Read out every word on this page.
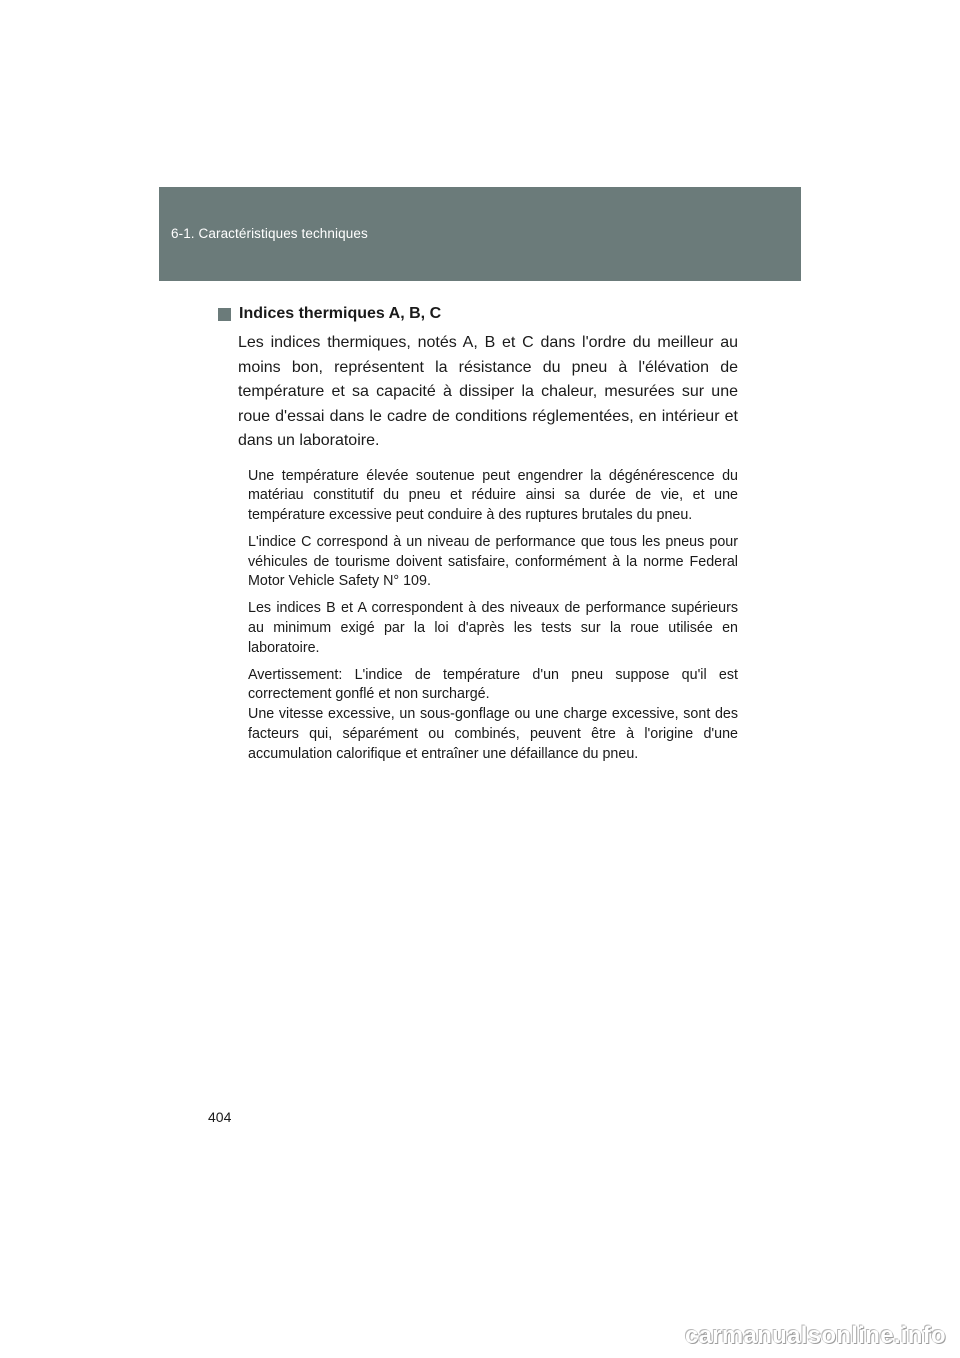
6-1. Caractéristiques techniques
Indices thermiques A, B, C

Les indices thermiques, notés A, B et C dans l'ordre du meilleur au moins bon, représentent la résistance du pneu à l'élévation de température et sa capacité à dissiper la chaleur, mesurées sur une roue d'essai dans le cadre de conditions réglementées, en intérieur et dans un laboratoire.

Une température élevée soutenue peut engendrer la dégénérescence du matériau constitutif du pneu et réduire ainsi sa durée de vie, et une température excessive peut conduire à des ruptures brutales du pneu.

L'indice C correspond à un niveau de performance que tous les pneus pour véhicules de tourisme doivent satisfaire, conformément à la norme Federal Motor Vehicle Safety N° 109.

Les indices B et A correspondent à des niveaux de performance supérieurs au minimum exigé par la loi d'après les tests sur la roue utilisée en laboratoire.

Avertissement: L'indice de température d'un pneu suppose qu'il est correctement gonflé et non surchargé.

Une vitesse excessive, un sous-gonflage ou une charge excessive, sont des facteurs qui, séparément ou combinés, peuvent être à l'origine d'une accumulation calorifique et entraîner une défaillance du pneu.

404
carmanualsonline.info
